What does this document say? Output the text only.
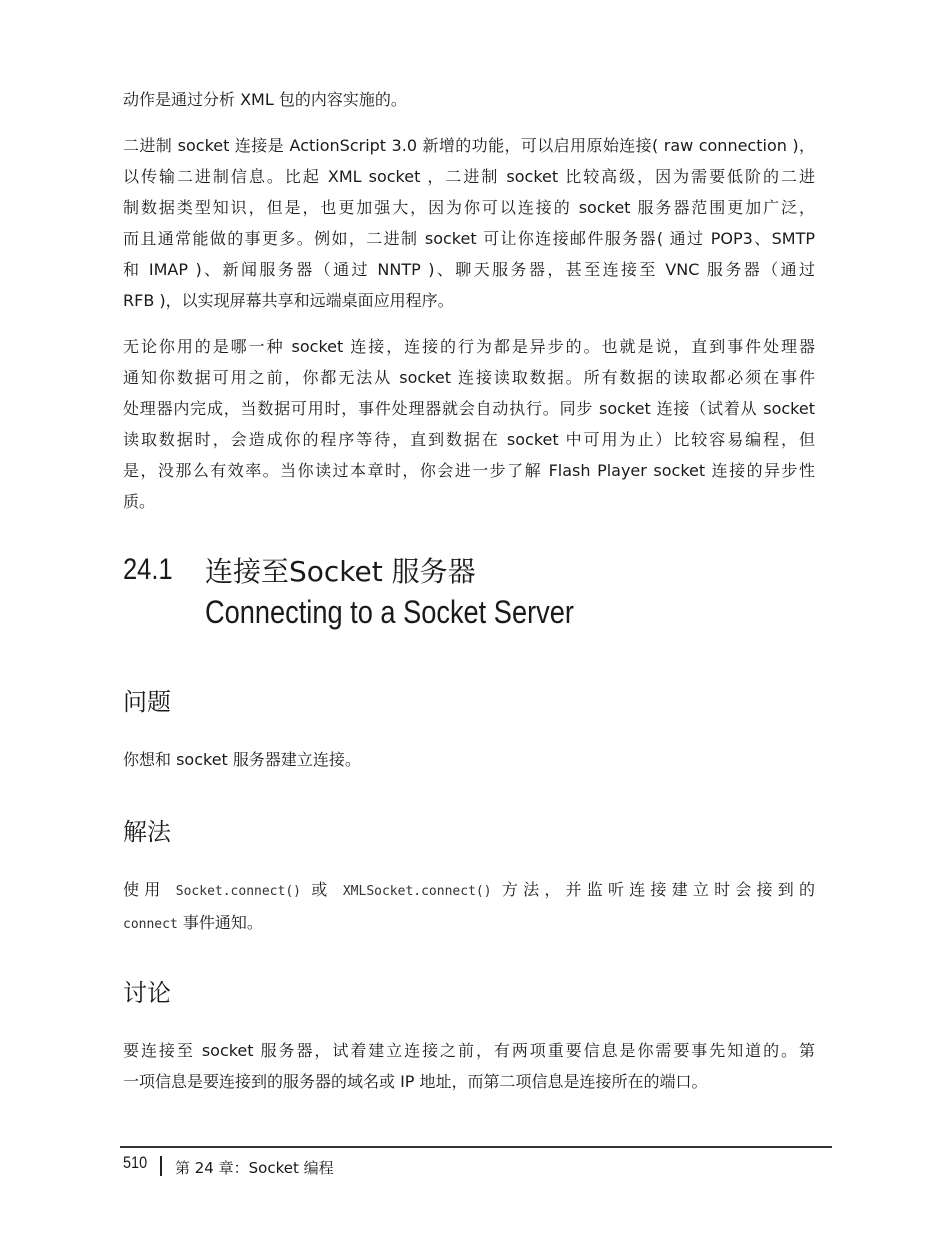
动作是通过分析 XML 包的内容实施的。

二进制 socket 连接是 ActionScript 3.0 新增的功能，可以启用原始连接( raw connection )，
以传输二进制信息。比起 XML socket ，二进制 socket 比较高级，因为需要低阶的二进
制数据类型知识，但是，也更加强大，因为你可以连接的 socket 服务器范围更加广泛，
而且通常能做的事更多。例如，二进制 socket 可让你连接邮件服务器( 通过 POP3、SMTP
和 IMAP )、新闻服务器（通过 NNTP )、聊天服务器，甚至连接至 VNC 服务器（通过
RFB )，以实现屏幕共享和远端桌面应用程序。

无论你用的是哪一种 socket 连接，连接的行为都是异步的。也就是说，直到事件处理器
通知你数据可用之前，你都无法从 socket 连接读取数据。所有数据的读取都必须在事件
处理器内完成，当数据可用时，事件处理器就会自动执行。同步 socket 连接（试着从 socket
读取数据时，会造成你的程序等待，直到数据在 socket 中可用为止）比较容易编程，但
是，没那么有效率。当你读过本章时，你会进一步了解 Flash Player socket 连接的异步性
质。

24.1 连接至Socket 服务器
Connecting to a Socket Server
问题

你想和 socket 服务器建立连接。

解法

使用 Socket.connect() 或 XMLSocket.connect() 方法，并监听连接建立时会接到的
connect 事件通知。

讨论

要连接至 socket 服务器，试着建立连接之前，有两项重要信息是你需要事先知道的。第
一项信息是要连接到的服务器的域名或 IP 地址，而第二项信息是连接所在的端口。

510 第 24 章：Socket 编程
